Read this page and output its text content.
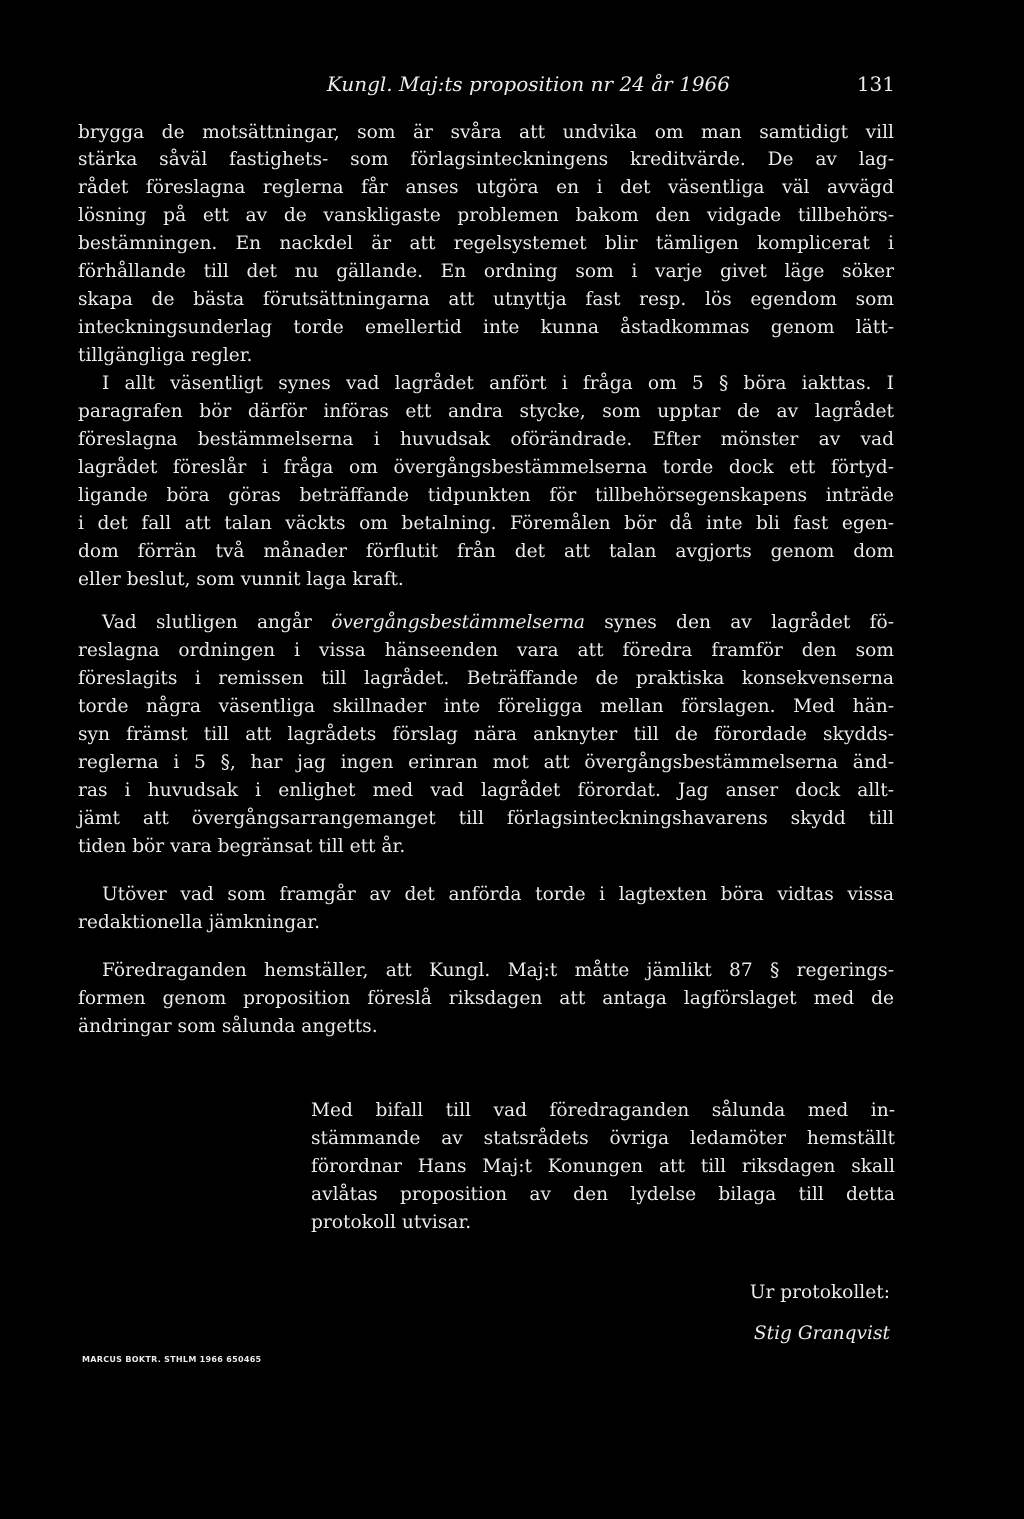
Kungl. Maj:ts proposition nr 24 år 1966	131
brygga de motsättningar, som är svåra att undvika om man samtidigt vill
stärka såväl fastighets- som förlagsinteckningens kreditvärde. De av lag-
rådet föreslagna reglerna får anses utgöra en i det väsentliga väl avvägd
lösning på ett av de vanskligaste problemen bakom den vidgade tillbehörs-
bestämningen. En nackdel är att regelsystemet blir tämligen komplicerat i
förhållande till det nu gällande. En ordning som i varje givet läge söker
skapa de bästa förutsättningarna att utnyttja fast resp. lös egendom som
inteckningsunderlag torde emellertid inte kunna åstadkommas genom lätt-
tillgängliga regler.
I allt väsentligt synes vad lagrådet anfört i fråga om 5 § böra iakttas. I
paragrafen bör därför införas ett andra stycke, som upptar de av lagrådet
föreslagna bestämmelserna i huvudsak oförändrade. Efter mönster av vad
lagrådet föreslår i fråga om övergångsbestämmelserna torde dock ett förtyd-
ligande böra göras beträffande tidpunkten för tillbehörsegenskapens inträde
i det fall att talan väckts om betalning. Föremålen bör då inte bli fast egen-
dom förrän två månader förflutit från det att talan avgjorts genom dom
eller beslut, som vunnit laga kraft.
Vad slutligen angår övergångsbestämmelserna synes den av lagrådet fö-
reslagna ordningen i vissa hänseenden vara att föredra framför den som
föreslagits i remissen till lagrådet. Beträffande de praktiska konsekvenserna
torde några väsentliga skillnader inte föreligga mellan förslagen. Med hän-
syn främst till att lagrådets förslag nära anknyter till de förordade skydds-
reglerna i 5 §, har jag ingen erinran mot att övergångsbestämmelserna änd-
ras i huvudsak i enlighet med vad lagrådet förordat. Jag anser dock allt-
jämt att övergångsarrangemanget till förlagsinteckningshavarens skydd till
tiden bör vara begränsat till ett år.
Utöver vad som framgår av det anförda torde i lagtexten böra vidtas vissa
redaktionella jämkningar.
Föredraganden hemställer, att Kungl. Maj:t måtte jämlikt 87 § regerings-
formen genom proposition föreslå riksdagen att antaga lagförslaget med de
ändringar som sålunda angetts.
Med bifall till vad föredraganden sålunda med in-
stämmande av statsrådets övriga ledamöter hemställt
förordnar Hans Maj:t Konungen att till riksdagen skall
avlåtas proposition av den lydelse bilaga till detta
protokoll utvisar.
Ur protokollet:
Stig Granqvist
MARCUS BOKTR. STHLM 1966 650465
